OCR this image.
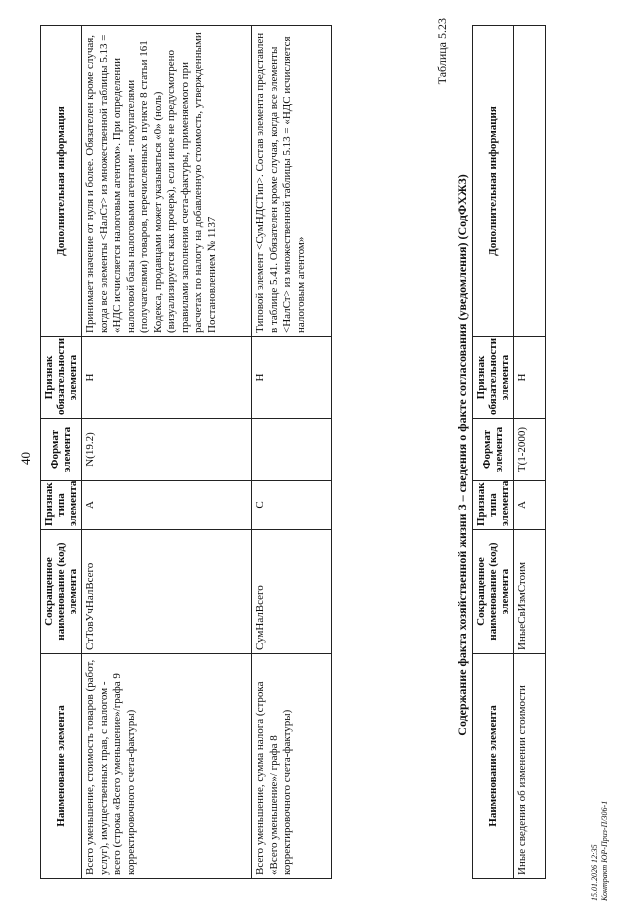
40
Наименование элемента	Сокращенное наименование (код) элемента	Признак типа элемента	Формат элемента	Признак обязательности элемента	Дополнительная информация
Всего уменьшение, стоимость товаров (работ, услуг), имущественных прав, с налогом - всего (строка «Всего уменьшение»/графа 9 корректировочного счета-фактуры)	СтТовУчНалВсего	А	N(19.2)	Н	Принимает значение от нуля и более. Обязателен кроме случая, когда все элементы <НалСт> из множественной таблицы 5.13 = «НДС исчисляется налоговым агентом». При определении налоговой базы налоговыми агентами - покупателями (получателями) товаров, перечисленных в пункте 8 статьи 161 Кодекса, продавцами может указываться «0» (ноль) (визуализируется как прочерк), если иное не предусмотрено правилами заполнения счета-фактуры, применяемого при расчетах по налогу на добавленную стоимость, утвержденными Постановлением № 1137
Всего уменьшение, сумма налога (строка «Всего уменьшение»/ графа 8 корректировочного счета-фактуры)	СумНалВсего	С		Н	Типовой элемент <СумНДСТип>. Состав элемента представлен в таблице 5.41. Обязателен кроме случая, когда все элементы <НалСт> из множественной таблицы 5.13 = «НДС исчисляется налоговым агентом»
Таблица 5.23
Содержание факта хозяйственной жизни 3 – сведения о факте согласования (уведомления) (СодФХЖ3)
Наименование элемента	Сокращенное наименование (код) элемента	Признак типа элемента	Формат элемента	Признак обязательности элемента	Дополнительная информация
Иные сведения об изменении стоимости	ИныеСвИзмСтоим	А	Т(1-2000)	Н	
15.01.2026 12:35 Контракт ЮР-Приз-П/306-1
